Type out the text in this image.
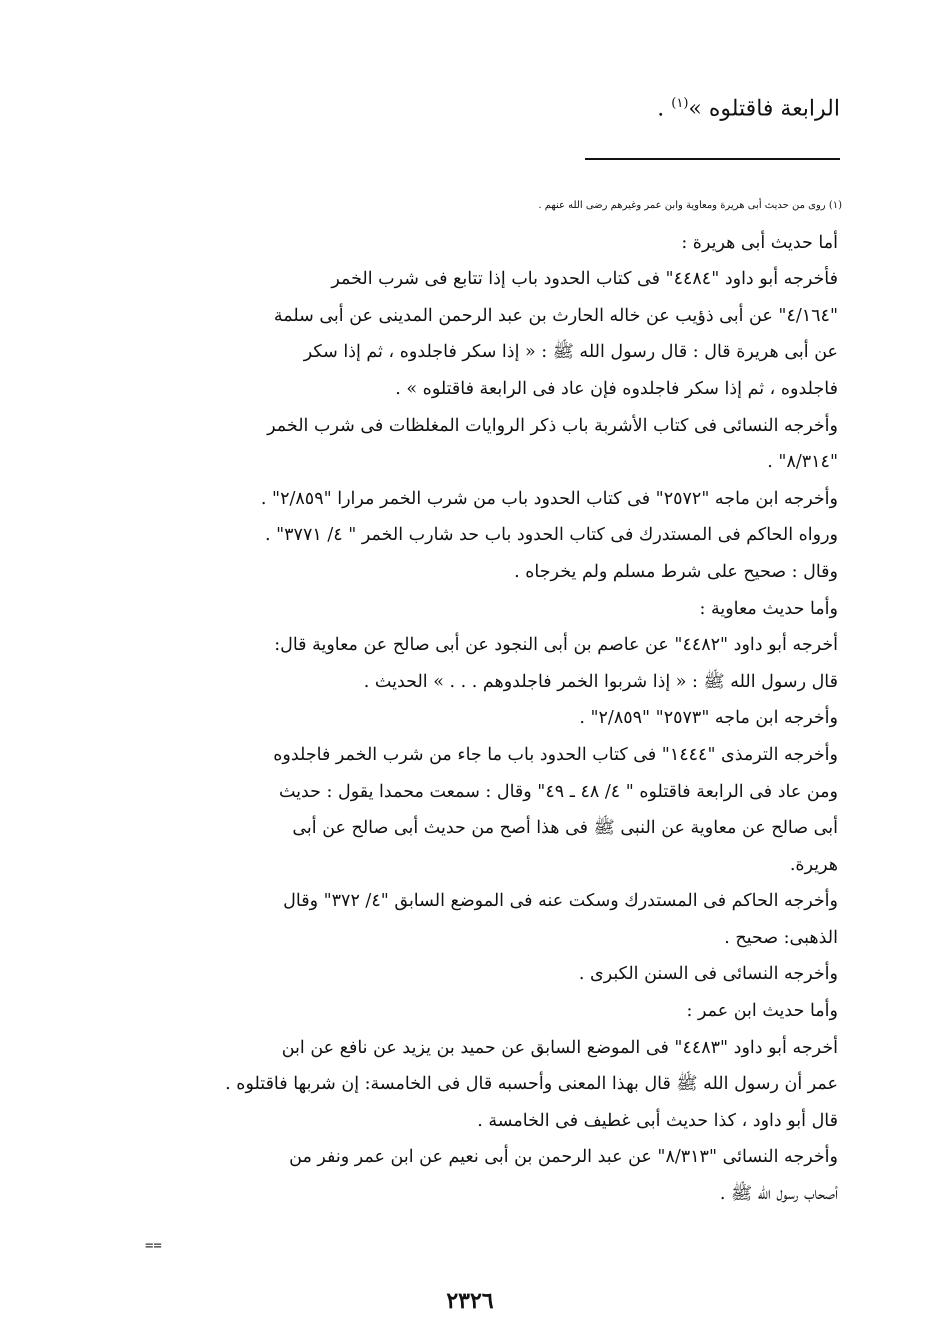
الرابعة فاقتلوه »$^{(١)}$ .
(١) روى من حديث أبى هريرة ومعاوية وابن عمر وغيرهم رضى الله عنهم .
أما حديث أبى هريرة :
فأخرجه أبو داود "٤٤٨٤" فى كتاب الحدود باب إذا تتابع فى شرب الخمر
"٤/١٦٤" عن أبى ذؤيب عن خاله الحارث بن عبد الرحمن المدينى عن أبى سلمة
عن أبى هريرة قال : قال رسول الله ﷺ : « إذا سكر فاجلدوه ، ثم إذا سكر
فاجلدوه ، ثم إذا سكر فاجلدوه فإن عاد فى الرابعة فاقتلوه » .
وأخرجه النسائى فى كتاب الأشربة باب ذكر الروايات المغلظات فى شرب الخمر
"٨/٣١٤" .
وأخرجه ابن ماجه "٢٥٧٢" فى كتاب الحدود باب من شرب الخمر مرارا "٢/٨٥٩" .
ورواه الحاكم فى المستدرك فى كتاب الحدود باب حد شارب الخمر " ٤/ ٣٧٧١" .
وقال : صحيح على شرط مسلم ولم يخرجاه .
وأما حديث معاوية :
أخرجه أبو داود "٤٤٨٢" عن عاصم بن أبى النجود عن أبى صالح عن معاوية قال:
قال رسول الله ﷺ : « إذا شربوا الخمر فاجلدوهم . . . » الحديث .
وأخرجه ابن ماجه "٢٥٧٣" "٢/٨٥٩" .
وأخرجه الترمذى "١٤٤٤" فى كتاب الحدود باب ما جاء من شرب الخمر فاجلدوه
ومن عاد فى الرابعة فاقتلوه " ٤/ ٤٨ ـ ٤٩" وقال : سمعت محمدا يقول : حديث
أبى صالح عن معاوية عن النبى ﷺ فى هذا أصح من حديث أبى صالح عن أبى
هريرة.
وأخرجه الحاكم فى المستدرك وسكت عنه فى الموضع السابق "٤/ ٣٧٢" وقال
الذهبى: صحيح .
وأخرجه النسائى فى السنن الكبرى .
وأما حديث ابن عمر :
أخرجه أبو داود "٤٤٨٣" فى الموضع السابق عن حميد بن يزيد عن نافع عن ابن
عمر أن رسول الله ﷺ قال بهذا المعنى وأحسبه قال فى الخامسة: إن شربها فاقتلوه .
قال أبو داود ، كذا حديث أبى غطيف فى الخامسة .
وأخرجه النسائى "٨/٣١٣" عن عبد الرحمن بن أبى نعيم عن ابن عمر ونفر من
أصحاب رسول الله ﷺ .
==
٢٣٢٦
